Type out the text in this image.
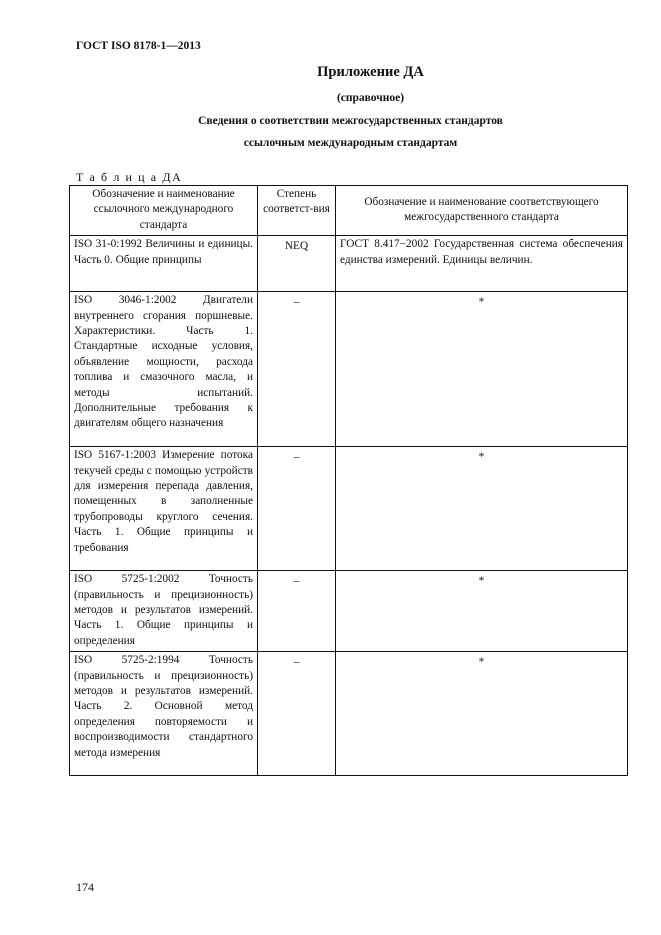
ГОСТ ISO 8178-1—2013
Приложение ДА
(справочное)
Сведения о соответствии межгосударственных стандартов
ссылочным международным стандартам
Т а б л и ц а ДА
Обозначение и наименование ссылочного международного стандарта	Степень соответст-вия	Обозначение и наименование соответствующего межгосударственного стандарта
ISO 31-0:1992 Величины и единицы. Часть 0. Общие принципы	NEQ	ГОСТ 8.417−2002 Государственная система обеспечения единства измерений. Единицы величин.
ISO 3046-1:2002 Двигатели внутреннего сгорания поршневые. Характеристики. Часть 1. Стандартные исходные условия, объявление мощности, расхода топлива и смазочного масла, и методы испытаний. Дополнительные требования к двигателям общего назначения	–	*
ISO 5167-1:2003 Измерение потока текучей среды с помощью устройств для измерения перепада давления, помещенных в заполненные трубопроводы круглого сечения. Часть 1. Общие принципы и требования	–	*
ISO 5725-1:2002 Точность (правильность и прецизионность) методов и результатов измерений. Часть 1. Общие принципы и определения	–	*
ISO 5725-2:1994 Точность (правильность и прецизионность) методов и результатов измерений. Часть 2. Основной метод определения повторяемости и воспроизводимости стандартного метода измерения	–	*
174
